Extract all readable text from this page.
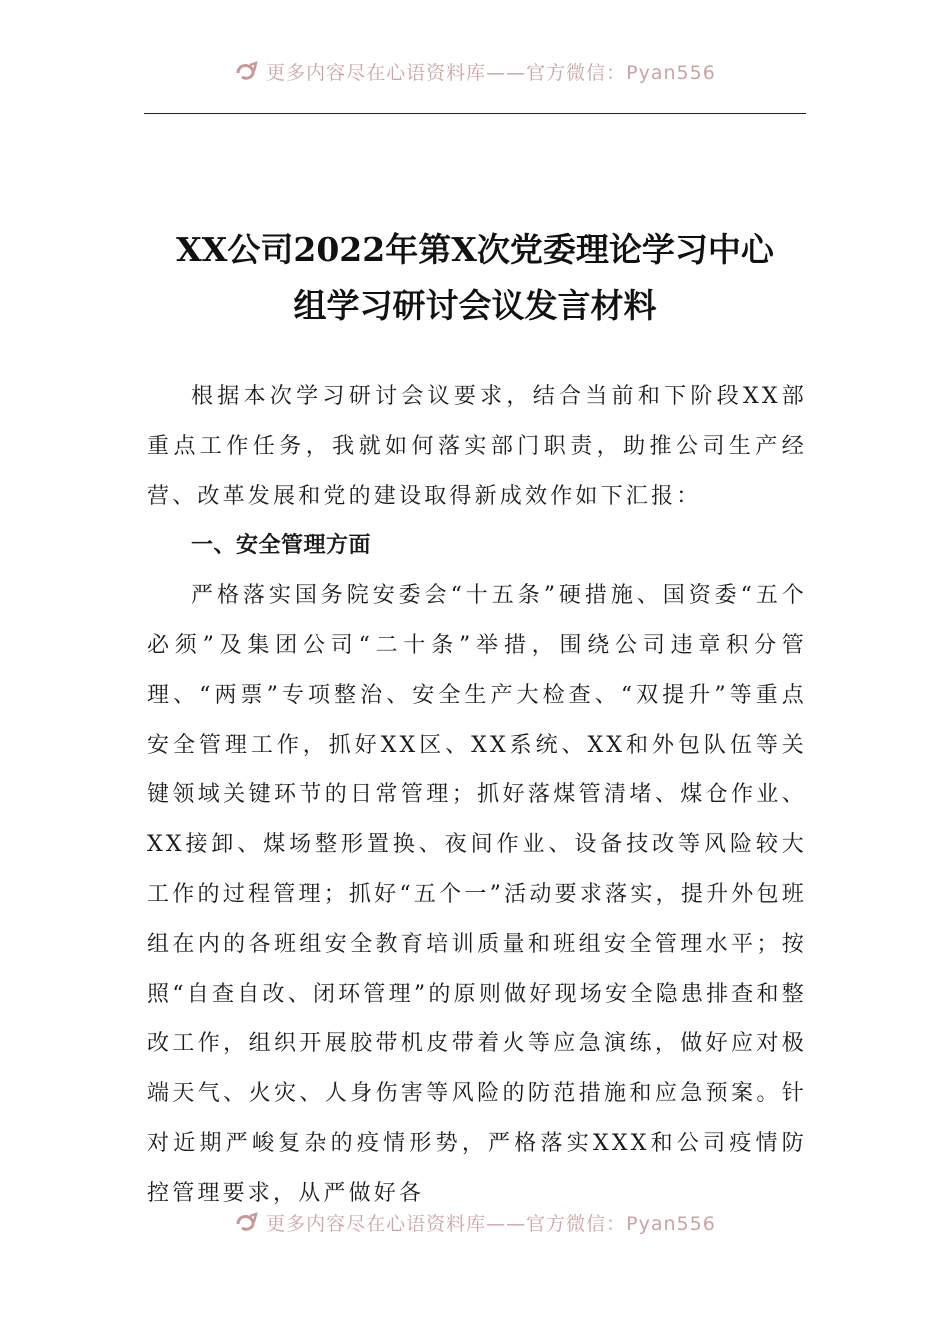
更多内容尽在心语资料库——官方微信：Pyan556
XX公司2022年第X次党委理论学习中心
组学习研讨会议发言材料

根据本次学习研讨会议要求，结合当前和下阶段XX部重点工作任务，我就如何落实部门职责，助推公司生产经营、改革发展和党的建设取得新成效作如下汇报：

一、安全管理方面

严格落实国务院安委会“十五条”硬措施、国资委“五个必须”及集团公司“二十条”举措，围绕公司违章积分管理、“两票”专项整治、安全生产大检查、“双提升”等重点安全管理工作，抓好XX区、XX系统、XX和外包队伍等关键领域关键环节的日常管理；抓好落煤管清堵、煤仓作业、XX接卸、煤场整形置换、夜间作业、设备技改等风险较大工作的过程管理；抓好“五个一”活动要求落实，提升外包班组在内的各班组安全教育培训质量和班组安全管理水平；按照“自查自改、闭环管理”的原则做好现场安全隐患排查和整改工作，组织开展胶带机皮带着火等应急演练，做好应对极端天气、火灾、人身伤害等风险的防范措施和应急预案。针对近期严峻复杂的疫情形势，严格落实XXX和公司疫情防控管理要求，从严做好各

更多内容尽在心语资料库——官方微信：Pyan556
